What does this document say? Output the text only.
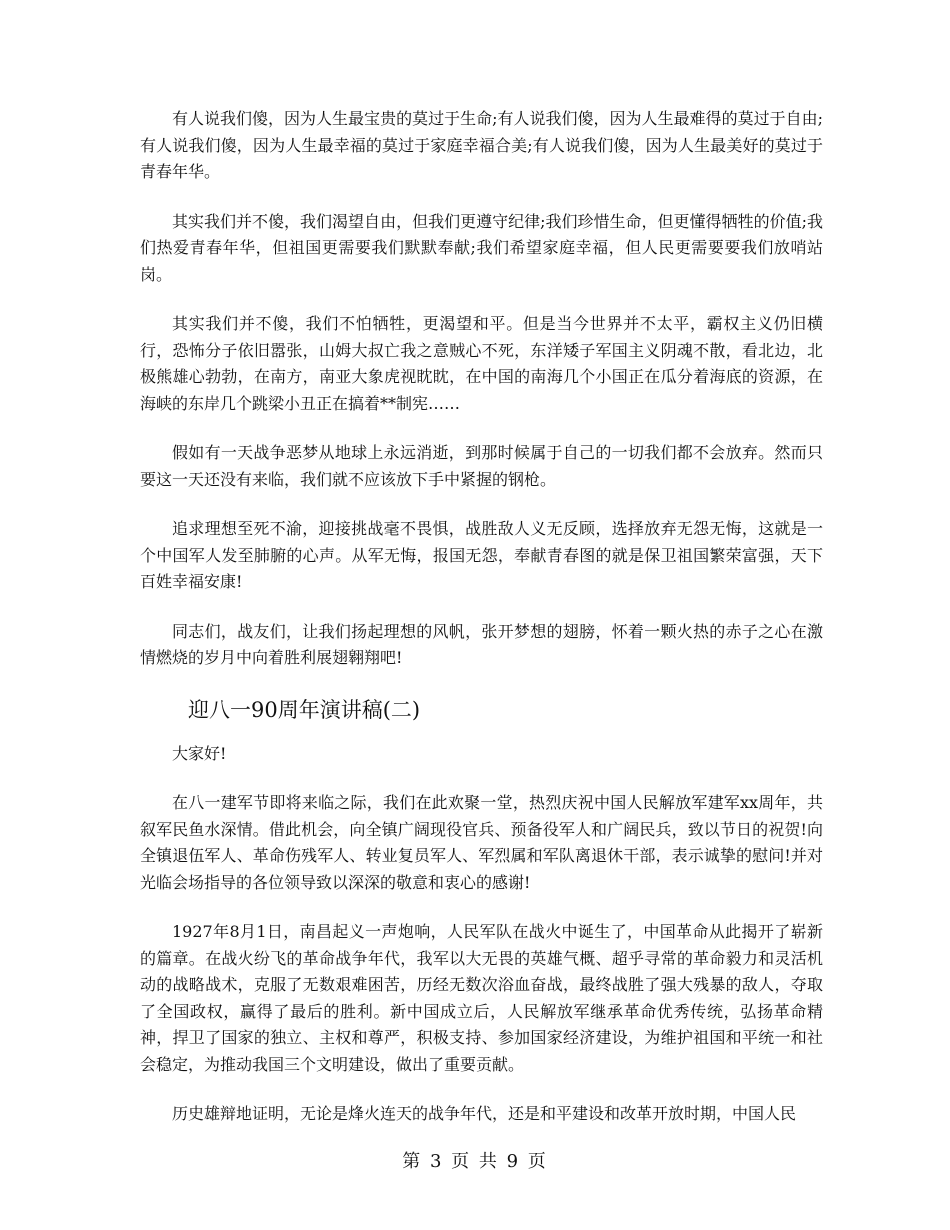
有人说我们傻，因为人生最宝贵的莫过于生命;有人说我们傻，因为人生最难得的莫过于自由;有人说我们傻，因为人生最幸福的莫过于家庭幸福合美;有人说我们傻，因为人生最美好的莫过于青春年华。

其实我们并不傻，我们渴望自由，但我们更遵守纪律;我们珍惜生命，但更懂得牺牲的价值;我们热爱青春年华，但祖国更需要我们默默奉献;我们希望家庭幸福，但人民更需要要我们放哨站岗。

其实我们并不傻，我们不怕牺牲，更渴望和平。但是当今世界并不太平，霸权主义仍旧横行，恐怖分子依旧嚣张，山姆大叔亡我之意贼心不死，东洋矮子军国主义阴魂不散，看北边，北极熊雄心勃勃，在南方，南亚大象虎视眈眈，在中国的南海几个小国正在瓜分着海底的资源，在海峡的东岸几个跳梁小丑正在搞着**制宪……

假如有一天战争恶梦从地球上永远消逝，到那时候属于自己的一切我们都不会放弃。然而只要这一天还没有来临，我们就不应该放下手中紧握的钢枪。

追求理想至死不渝，迎接挑战毫不畏惧，战胜敌人义无反顾，选择放弃无怨无悔，这就是一个中国军人发至肺腑的心声。从军无悔，报国无怨，奉献青春图的就是保卫祖国繁荣富强，天下百姓幸福安康!

同志们，战友们，让我们扬起理想的风帆，张开梦想的翅膀，怀着一颗火热的赤子之心在激情燃烧的岁月中向着胜利展翅翱翔吧!

迎八一90周年演讲稿(二)

大家好!

在八一建军节即将来临之际，我们在此欢聚一堂，热烈庆祝中国人民解放军建军xx周年，共叙军民鱼水深情。借此机会，向全镇广阔现役官兵、预备役军人和广阔民兵，致以节日的祝贺!向全镇退伍军人、革命伤残军人、转业复员军人、军烈属和军队离退休干部，表示诚挚的慰问!并对光临会场指导的各位领导致以深深的敬意和衷心的感谢!

1927年8月1日，南昌起义一声炮响，人民军队在战火中诞生了，中国革命从此揭开了崭新的篇章。在战火纷飞的革命战争年代，我军以大无畏的英雄气概、超乎寻常的革命毅力和灵活机动的战略战术，克服了无数艰难困苦，历经无数次浴血奋战，最终战胜了强大残暴的敌人，夺取了全国政权，赢得了最后的胜利。新中国成立后，人民解放军继承革命优秀传统，弘扬革命精神，捍卫了国家的独立、主权和尊严，积极支持、参加国家经济建设，为维护祖国和平统一和社会稳定，为推动我国三个文明建设，做出了重要贡献。

历史雄辩地证明，无论是烽火连天的战争年代，还是和平建设和改革开放时期，中国人民

第 3 页 共 9 页
